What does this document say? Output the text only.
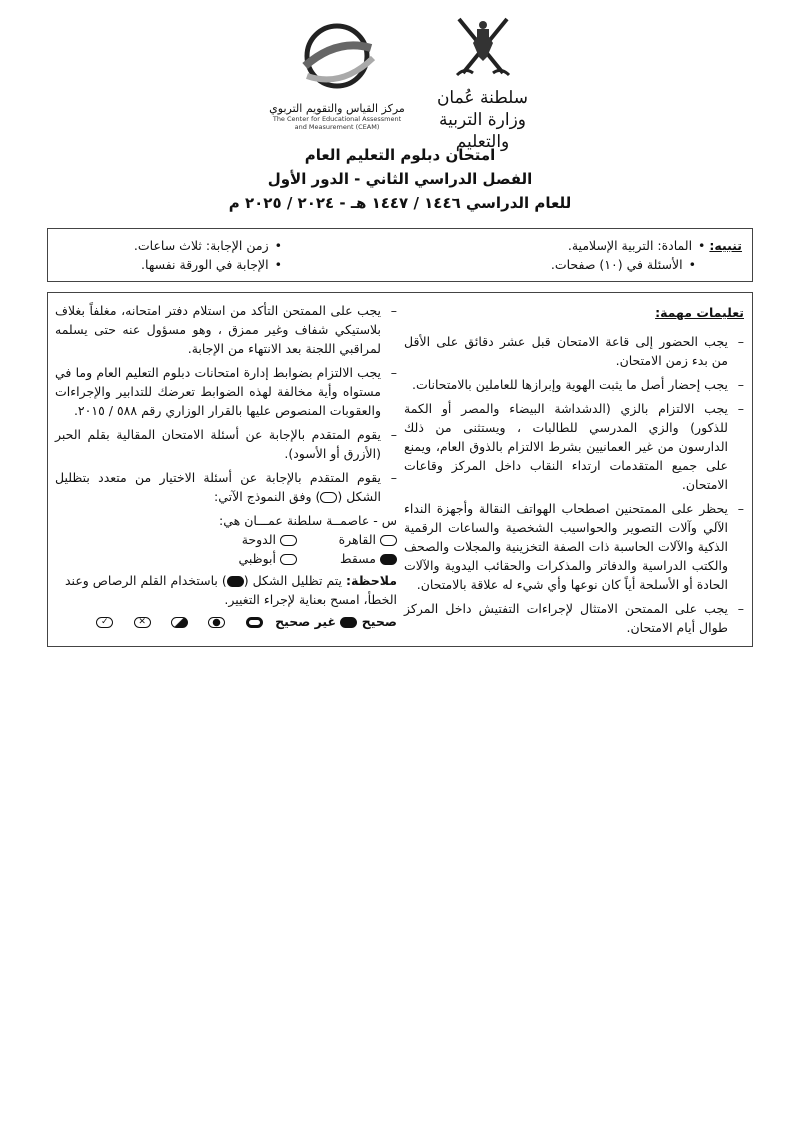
مركز القياس والتقويم التربوي
The Center for Educational Assessment
and Measurement (CEAM)
سلطنة عُمان
وزارة التربية والتعليم
امتحان دبلوم التعليم العام
الفصل الدراسي الثاني - الدور الأول
للعام الدراسي ١٤٤٦ / ١٤٤٧ هـ - ٢٠٢٤ / ٢٠٢٥ م
تنبيه: •المادة: التربية الإسلامية.
•الأسئلة في (١٠) صفحات.
•زمن الإجابة: ثلاث ساعات.
•الإجابة في الورقة نفسها.
تعليمات مهمة:
– يجب الحضور إلى قاعة الامتحان قبل عشر دقائق على الأقل من بدء زمن الامتحان.
– يجب إحضار أصل ما يثبت الهوية وإبرازها للعاملين بالامتحانات.
– يجب الالتزام بالزي (الدشداشة البيضاء والمصر أو الكمة للذكور) والزي المدرسي للطالبات ، ويستثنى من ذلك الدارسون من غير العمانيين بشرط الالتزام بالذوق العام، ويمنع على جميع المتقدمات ارتداء النقاب داخل المركز وقاعات الامتحان.
– يحظر على الممتحنين اصطحاب الهواتف النقالة وأجهزة النداء الآلي وآلات التصوير والحواسيب الشخصية والساعات الرقمية الذكية والآلات الحاسبة ذات الصفة التخزينية والمجلات والصحف والكتب الدراسية والدفاتر والمذكرات والحقائب اليدوية والآلات الحادة أو الأسلحة أياً كان نوعها وأي شيء له علاقة بالامتحان.
– يجب على الممتحن الامتثال لإجراءات التفتيش داخل المركز طوال أيام الامتحان.
– يجب على الممتحن التأكد من استلام دفتر امتحانه، مغلفاً بغلاف بلاستيكي شفاف وغير ممزق ، وهو مسؤول عنه حتى يسلمه لمراقبي اللجنة بعد الانتهاء من الإجابة.
– يجب الالتزام بضوابط إدارة امتحانات دبلوم التعليم العام وما في مستواه وأية مخالفة لهذه الضوابط تعرضك للتدابير والإجراءات والعقوبات المنصوص عليها بالقرار الوزاري رقم ٥٨٨ / ٢٠١٥.
– يقوم المتقدم بالإجابة عن أسئلة الامتحان المقالية بقلم الحبر (الأزرق أو الأسود).
– يقوم المتقدم بالإجابة عن أسئلة الاختيار من متعدد بتظليل الشكل () وفق النموذج الآتي:
س - عاصمــة سلطنة عمـــان هي:
القاهرة الدوحة
مسقط أبوظبي
ملاحظة: يتم تظليل الشكل () باستخدام القلم الرصاص وعند الخطأ، امسح بعناية لإجراء التغيير.
صحيح  غير صحيح    ✕ ✓
